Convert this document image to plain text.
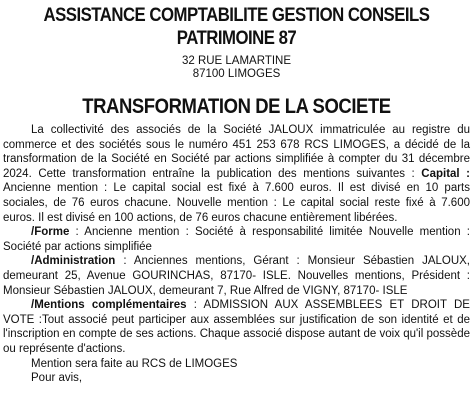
ASSISTANCE COMPTABILITE GESTION CONSEILS
PATRIMOINE 87
32 RUE LAMARTINE
87100 LIMOGES
TRANSFORMATION DE LA SOCIETE

La collectivité des associés de la Société JALOUX immatriculée au registre du commerce et des sociétés sous le numéro 451 253 678 RCS LIMOGES, a décidé de la transformation de la Société en Société par actions simplifiée à compter du 31 décembre 2024. Cette transformation entraîne la publication des mentions suivantes : Capital : Ancienne mention : Le capital social est fixé à 7.600 euros. Il est divisé en 10 parts sociales, de 76 euros chacune. Nouvelle mention : Le capital social reste fixé à 7.600 euros. Il est divisé en 100 actions, de 76 euros chacune entièrement libérées.

/Forme : Ancienne mention : Société à responsabilité limitée Nouvelle mention : Société par actions simplifiée

/Administration : Anciennes mentions, Gérant : Monsieur Sébastien JALOUX, demeurant 25, Avenue GOURINCHAS, 87170- ISLE. Nouvelles mentions, Président : Monsieur Sébastien JALOUX, demeurant 7, Rue Alfred de VIGNY, 87170- ISLE

/Mentions complémentaires : ADMISSION AUX ASSEMBLEES ET DROIT DE VOTE :Tout associé peut participer aux assemblées sur justification de son identité et de l'inscription en compte de ses actions. Chaque associé dispose autant de voix qu'il possède ou représente d'actions.

Mention sera faite au RCS de LIMOGES
Pour avis,
